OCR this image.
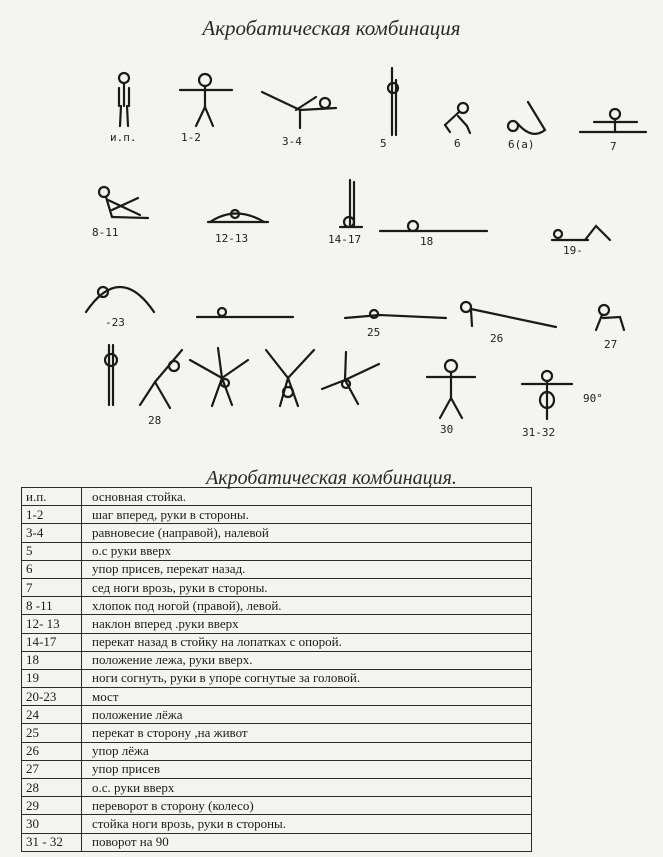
Акробатическая комбинация
и.п.	1-2	3-4	5	6	6(а)	7
8-11	12-13	14-17	18
19-
-23
25	26	27
28
30	31-32
90°
Акробатическая комбинация.
и.п.	основная стойка.
1-2	шаг вперед, руки в стороны.
3-4	равновесие (направой), налевой
5	о.с руки вверх
6	упор присев, перекат назад.
7	сед ноги врозь, руки в стороны.
8 -11	хлопок под ногой (правой), левой.
12- 13	наклон вперед .руки вверх
14-17	перекат назад в стойку на лопатках с опорой.
18	положение лежа, руки вверх.
19	ноги согнуть, руки в упоре согнутые за головой.
20-23	мост
24	положение лёжа
25	перекат в сторону ,на живот
26	упор лёжа
27	упор присев
28	о.с. руки вверх
29	переворот в сторону (колесо)
30	стойка ноги врозь, руки в стороны.
31 - 32	поворот на 90
